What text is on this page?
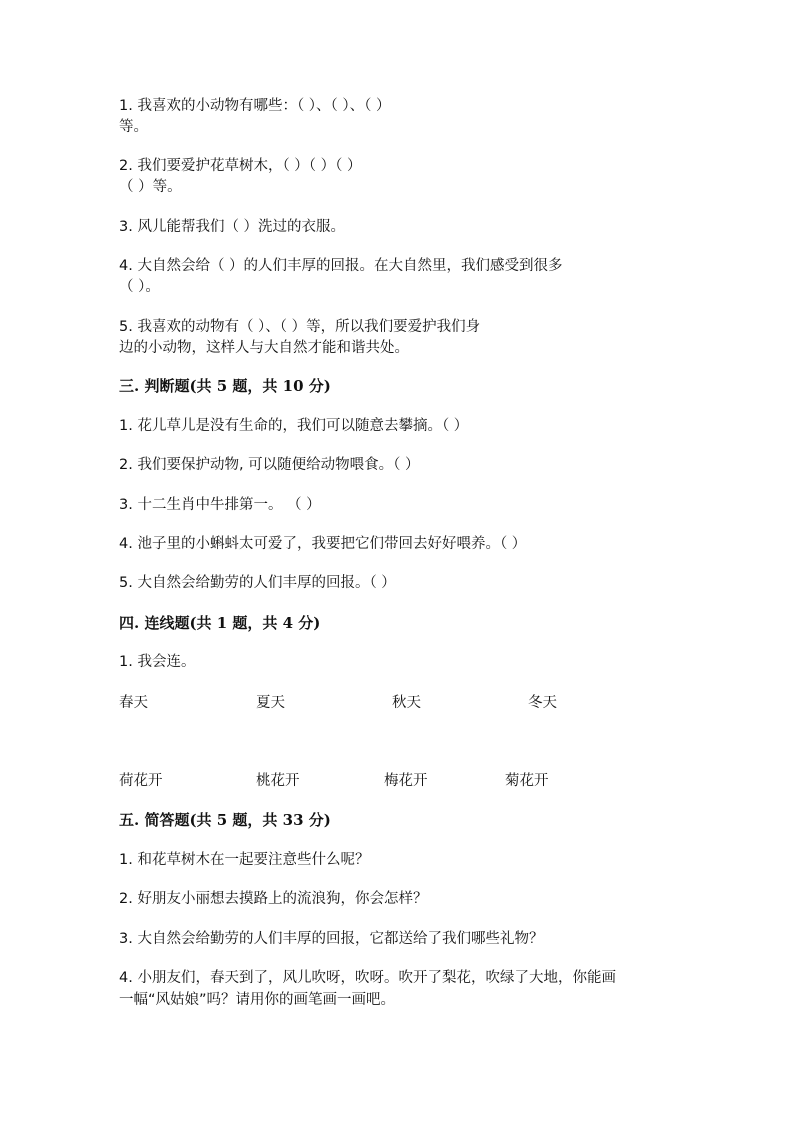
1. 我喜欢的小动物有哪些：（ ）、（ ）、（ ）
等。
2. 我们要爱护花草树木，（ ）（ ）（ ）
（ ）等。
3. 风儿能帮我们（ ）洗过的衣服。
4. 大自然会给（ ）的人们丰厚的回报。在大自然里，我们感受到很多
（ ）。
5. 我喜欢的动物有（ ）、（ ）等，所以我们要爱护我们身
边的小动物，这样人与大自然才能和谐共处。
三. 判断题(共 5 题，共 10 分)
1. 花儿草儿是没有生命的，我们可以随意去攀摘。（ ）
2. 我们要保护动物, 可以随便给动物喂食。（ ）
3. 十二生肖中牛排第一。 （ ）
4. 池子里的小蝌蚪太可爱了，我要把它们带回去好好喂养。（ ）
5. 大自然会给勤劳的人们丰厚的回报。（ ）
四. 连线题(共 1 题，共 4 分)
1. 我会连。
春天	夏天	秋天	冬天
荷花开	桃花开	梅花开	菊花开
五. 简答题(共 5 题，共 33 分)
1. 和花草树木在一起要注意些什么呢？
2. 好朋友小丽想去摸路上的流浪狗，你会怎样？
3. 大自然会给勤劳的人们丰厚的回报，它都送给了我们哪些礼物？
4. 小朋友们，春天到了，风儿吹呀，吹呀。吹开了梨花，吹绿了大地，你能画
一幅“风姑娘”吗？请用你的画笔画一画吧。
